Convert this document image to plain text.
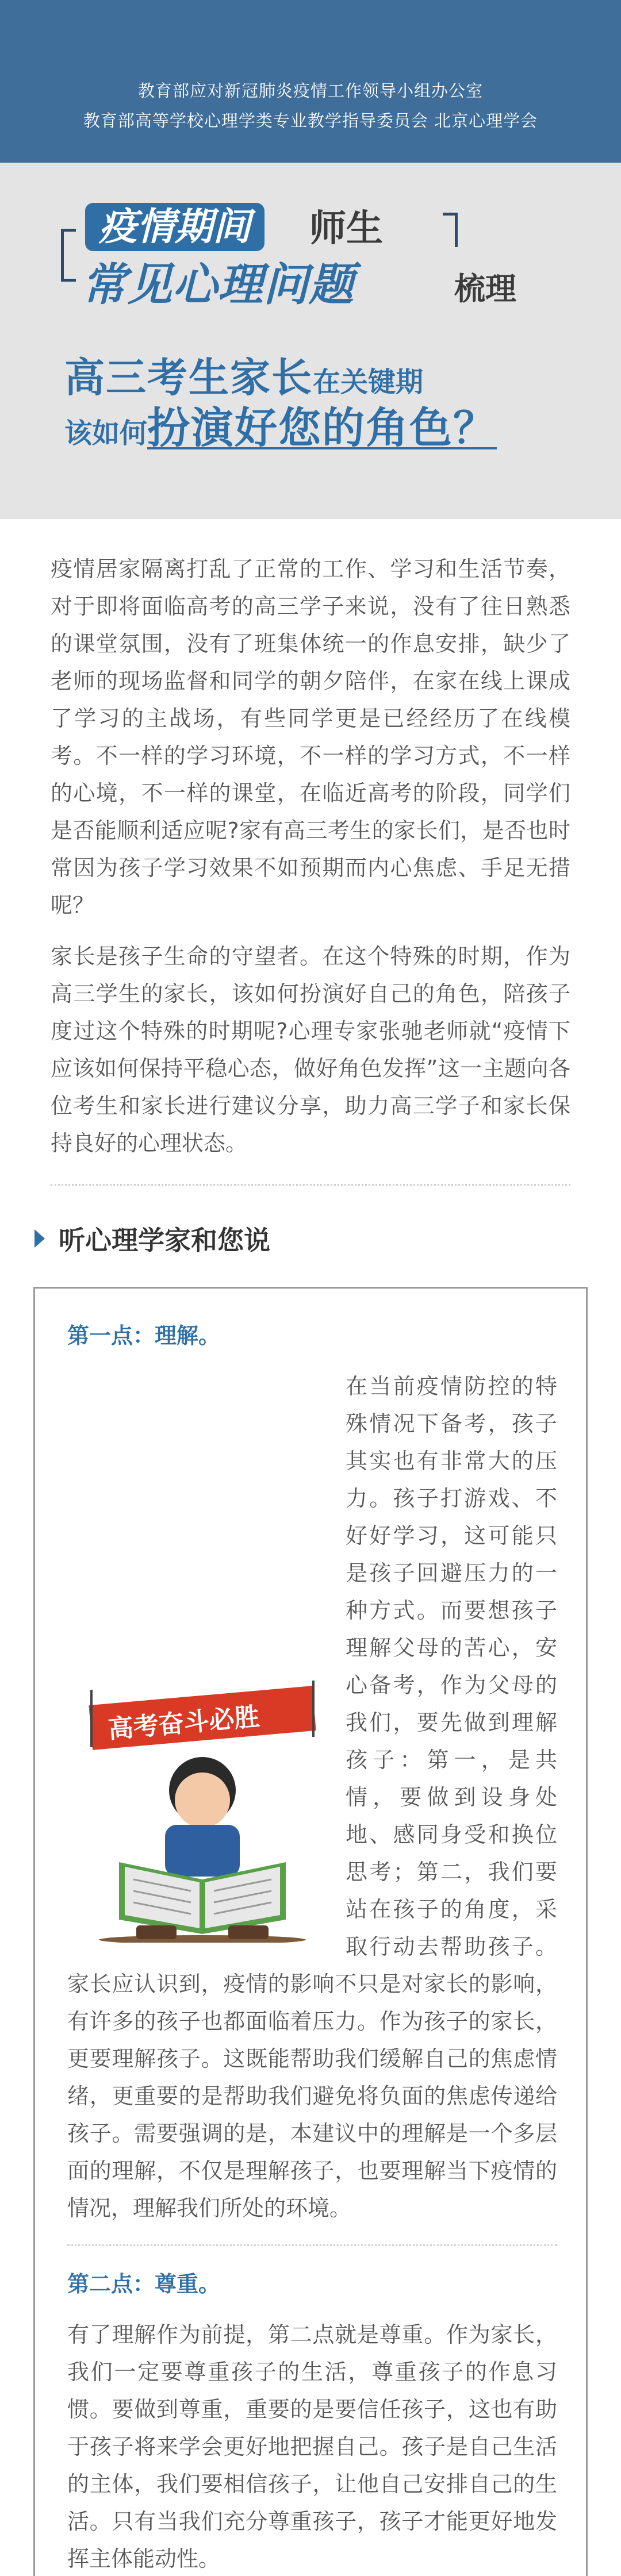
教育部应对新冠肺炎疫情工作领导小组办公室
教育部高等学校心理学类专业教学指导委员会 北京心理学会
疫情期间	师生
常见心理问题	梳理
高三考生家长在关键期
该如何扮演好您的角色？

疫情居家隔离打乱了正常的工作、学习和生活节奏，对于即将面临高考的高三学子来说，没有了往日熟悉的课堂氛围，没有了班集体统一的作息安排，缺少了老师的现场监督和同学的朝夕陪伴，在家在线上课成了学习的主战场，有些同学更是已经经历了在线模考。不一样的学习环境，不一样的学习方式，不一样的心境，不一样的课堂，在临近高考的阶段，同学们是否能顺利适应呢?家有高三考生的家长们，是否也时常因为孩子学习效果不如预期而内心焦虑、手足无措呢？

家长是孩子生命的守望者。在这个特殊的时期，作为高三学生的家长，该如何扮演好自己的角色，陪孩子度过这个特殊的时期呢?心理专家张驰老师就“疫情下应该如何保持平稳心态，做好角色发挥”这一主题向各位考生和家长进行建议分享，助力高三学子和家长保持良好的心理状态。

听心理学家和您说
第一点：理解。
高考奋斗必胜
在当前疫情防控的特殊情况下备考，孩子其实也有非常大的压力。孩子打游戏、不好好学习，这可能只是孩子回避压力的一种方式。而要想孩子理解父母的苦心，安心备考，作为父母的我们，要先做到理解孩子：第一，是共情，要做到设身处地、感同身受和换位思考；第二，我们要站在孩子的角度，采取行动去帮助孩子。家长应认识到，疫情的影响不只是对家长的影响，有许多的孩子也都面临着压力。作为孩子的家长，更要理解孩子。这既能帮助我们缓解自己的焦虑情绪，更重要的是帮助我们避免将负面的焦虑传递给孩子。需要强调的是，本建议中的理解是一个多层面的理解，不仅是理解孩子，也要理解当下疫情的情况，理解我们所处的环境。
第二点：尊重。

有了理解作为前提，第二点就是尊重。作为家长，我们一定要尊重孩子的生活，尊重孩子的作息习惯。要做到尊重，重要的是要信任孩子，这也有助于孩子将来学会更好地把握自己。孩子是自己生活的主体，我们要相信孩子，让他自己安排自己的生活。只有当我们充分尊重孩子，孩子才能更好地发挥主体能动性。
